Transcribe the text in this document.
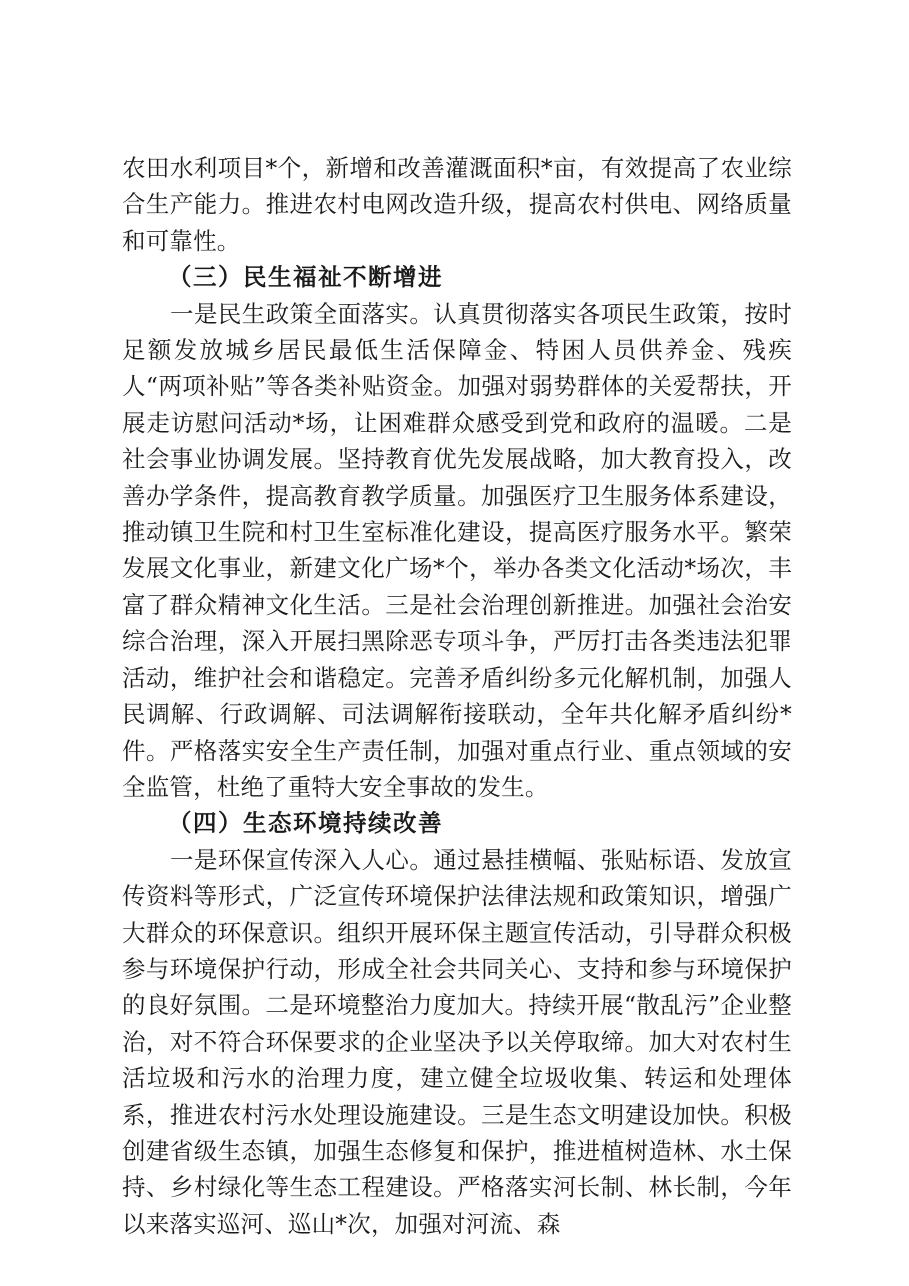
农田水利项目*个，新增和改善灌溉面积*亩，有效提高了农业综合生产能力。推进农村电网改造升级，提高农村供电、网络质量和可靠性。

（三）民生福祉不断增进

一是民生政策全面落实。认真贯彻落实各项民生政策，按时足额发放城乡居民最低生活保障金、特困人员供养金、残疾人“两项补贴”等各类补贴资金。加强对弱势群体的关爱帮扶，开展走访慰问活动*场，让困难群众感受到党和政府的温暖。二是社会事业协调发展。坚持教育优先发展战略，加大教育投入，改善办学条件，提高教育教学质量。加强医疗卫生服务体系建设，推动镇卫生院和村卫生室标准化建设，提高医疗服务水平。繁荣发展文化事业，新建文化广场*个，举办各类文化活动*场次，丰富了群众精神文化生活。三是社会治理创新推进。加强社会治安综合治理，深入开展扫黑除恶专项斗争，严厉打击各类违法犯罪活动，维护社会和谐稳定。完善矛盾纠纷多元化解机制，加强人民调解、行政调解、司法调解衔接联动，全年共化解矛盾纠纷*件。严格落实安全生产责任制，加强对重点行业、重点领域的安全监管，杜绝了重特大安全事故的发生。

（四）生态环境持续改善

一是环保宣传深入人心。通过悬挂横幅、张贴标语、发放宣传资料等形式，广泛宣传环境保护法律法规和政策知识，增强广大群众的环保意识。组织开展环保主题宣传活动，引导群众积极参与环境保护行动，形成全社会共同关心、支持和参与环境保护的良好氛围。二是环境整治力度加大。持续开展“散乱污”企业整治，对不符合环保要求的企业坚决予以关停取缔。加大对农村生活垃圾和污水的治理力度，建立健全垃圾收集、转运和处理体系，推进农村污水处理设施建设。三是生态文明建设加快。积极创建省级生态镇，加强生态修复和保护，推进植树造林、水土保持、乡村绿化等生态工程建设。严格落实河长制、林长制，今年以来落实巡河、巡山*次，加强对河流、森
